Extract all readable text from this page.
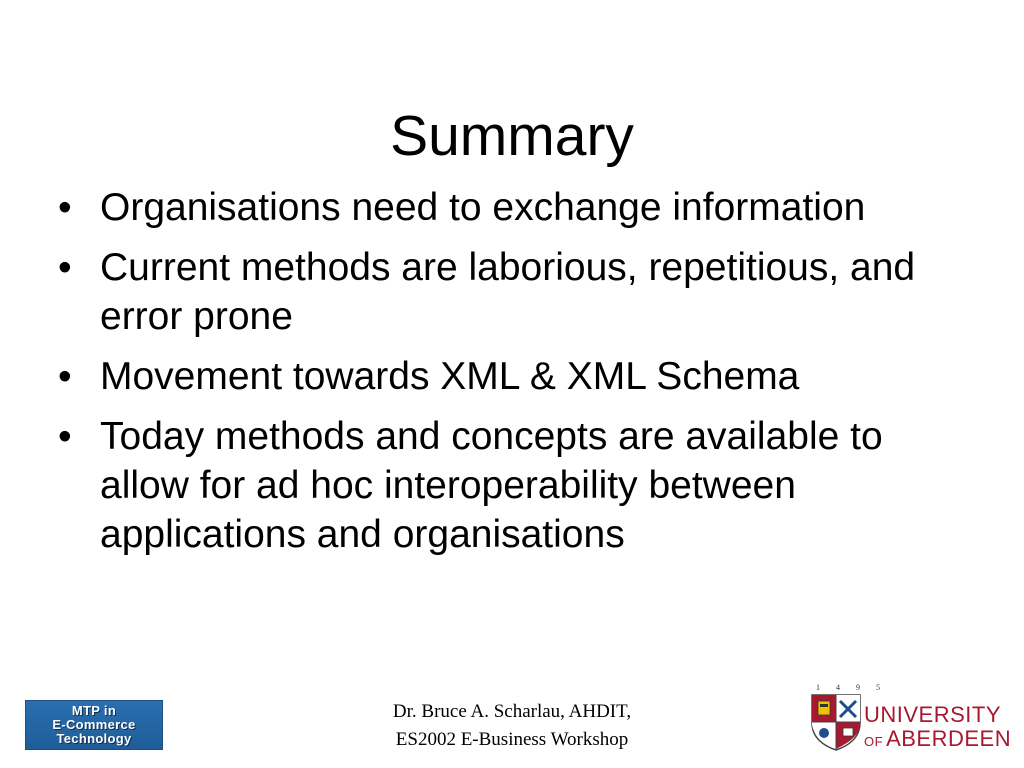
Summary
• Organisations need to exchange information
• Current methods are laborious, repetitious, and error prone
• Movement towards XML & XML Schema
• Today methods and concepts are available to allow for ad hoc interoperability between applications and organisations
MTP in
E-Commerce
Technology
Dr. Bruce A. Scharlau, AHDIT,
ES2002 E-Business Workshop
1 4 9 5
UNIVERSITY
OF ABERDEEN
